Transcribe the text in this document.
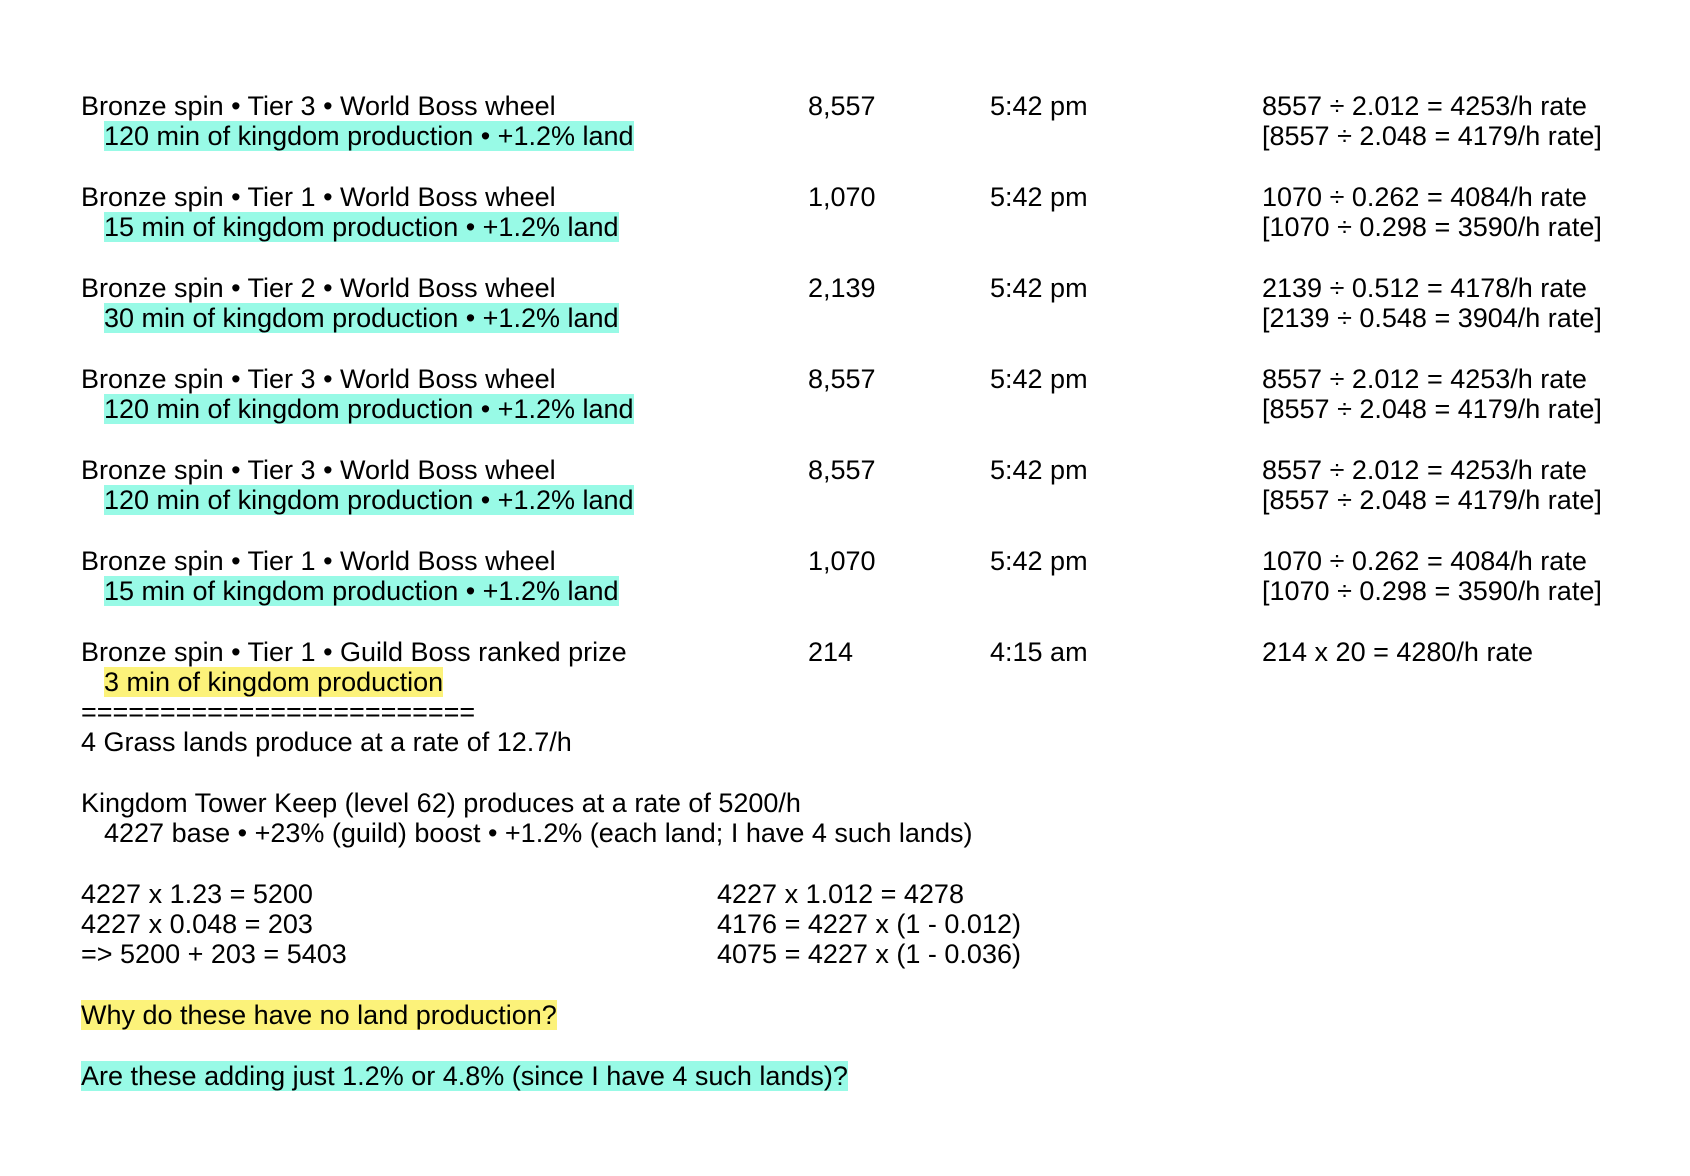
Bronze spin • Tier 3 • World Boss wheel	8,557	5:42 pm	8557 ÷ 2.012 = 4253/h rate
120 min of kingdom production • +1.2% land	[8557 ÷ 2.048 = 4179/h rate]
Bronze spin • Tier 1 • World Boss wheel	1,070	5:42 pm	1070 ÷ 0.262 = 4084/h rate
15 min of kingdom production • +1.2% land	[1070 ÷ 0.298 = 3590/h rate]
Bronze spin • Tier 2 • World Boss wheel	2,139	5:42 pm	2139 ÷ 0.512 = 4178/h rate
30 min of kingdom production • +1.2% land	[2139 ÷ 0.548 = 3904/h rate]
Bronze spin • Tier 3 • World Boss wheel	8,557	5:42 pm	8557 ÷ 2.012 = 4253/h rate
120 min of kingdom production • +1.2% land	[8557 ÷ 2.048 = 4179/h rate]
Bronze spin • Tier 3 • World Boss wheel	8,557	5:42 pm	8557 ÷ 2.012 = 4253/h rate
120 min of kingdom production • +1.2% land	[8557 ÷ 2.048 = 4179/h rate]
Bronze spin • Tier 1 • World Boss wheel	1,070	5:42 pm	1070 ÷ 0.262 = 4084/h rate
15 min of kingdom production • +1.2% land	[1070 ÷ 0.298 = 3590/h rate]
Bronze spin • Tier 1 • Guild Boss ranked prize	214	4:15 am	214 x 20 = 4280/h rate
3 min of kingdom production
=========================
4 Grass lands produce at a rate of 12.7/h
Kingdom Tower Keep (level 62) produces at a rate of 5200/h
4227 base • +23% (guild) boost • +1.2% (each land; I have 4 such lands)
4227 x 1.23 = 5200
4227 x 0.048 = 203
=> 5200 + 203 = 5403
4227 x 1.012 = 4278
4176 = 4227 x (1 - 0.012)
4075 = 4227 x (1 - 0.036)
Why do these have no land production?
Are these adding just 1.2% or 4.8% (since I have 4 such lands)?
